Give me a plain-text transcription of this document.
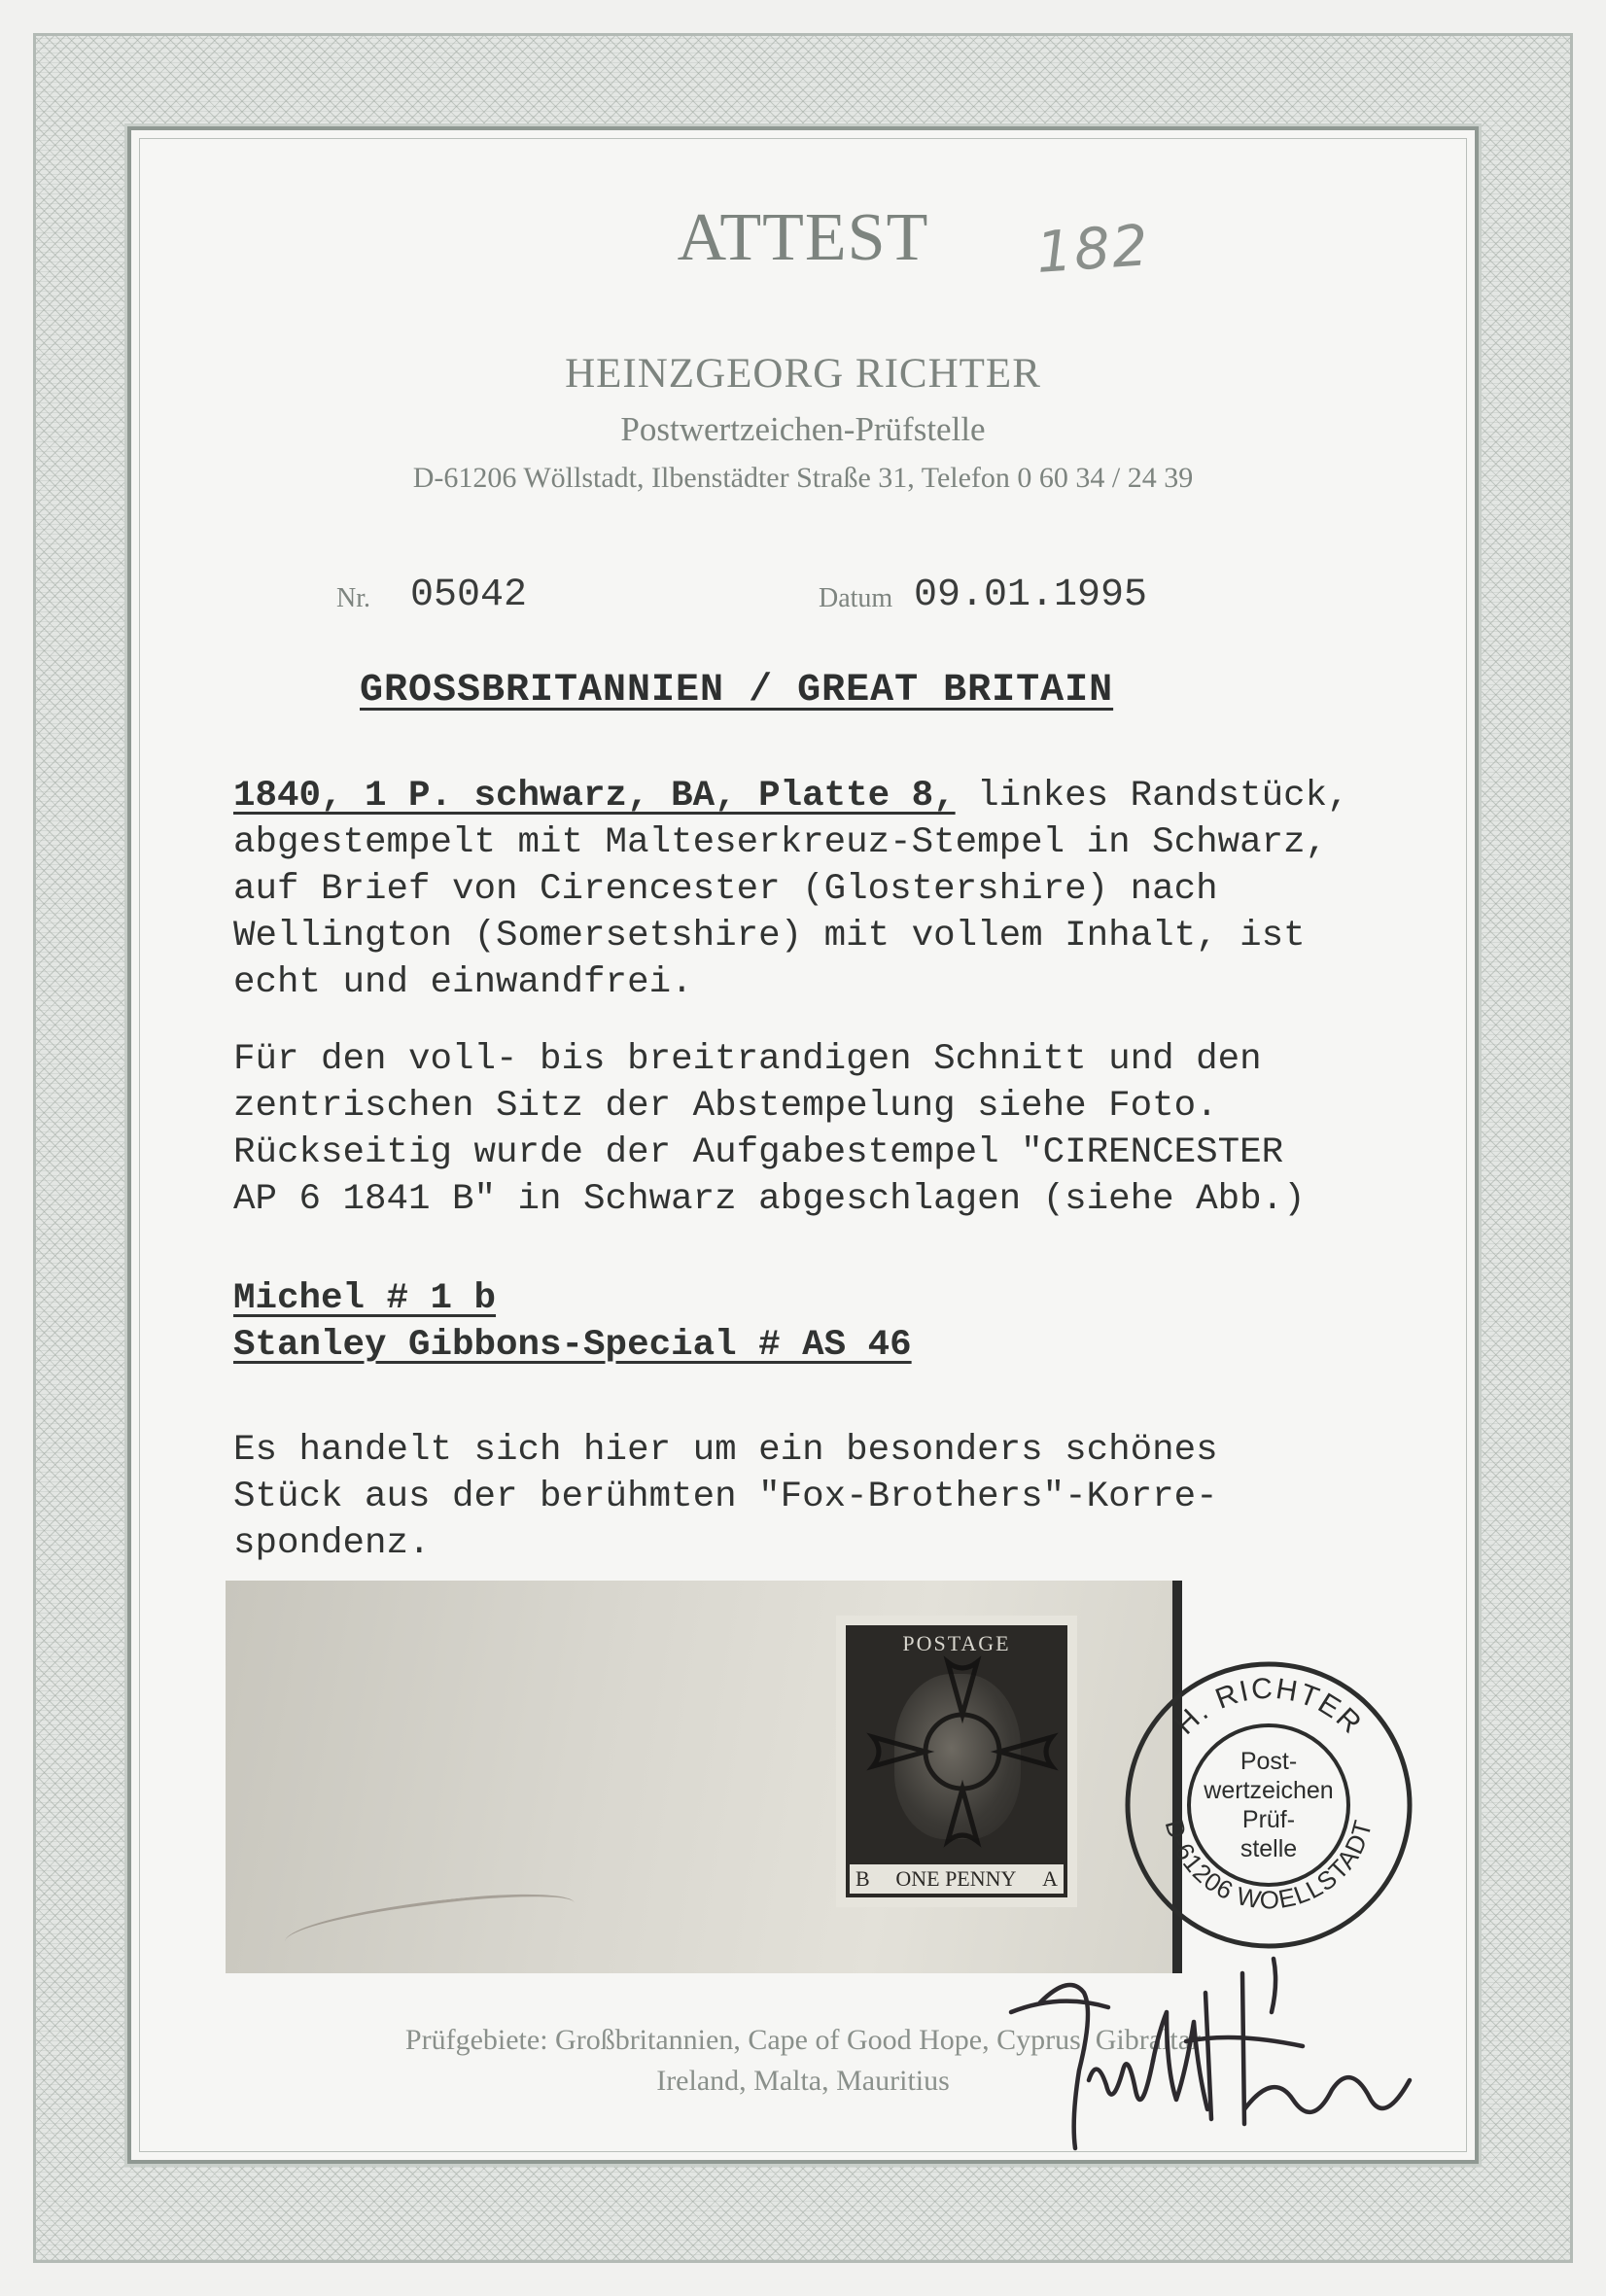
ATTEST	182
HEINZGEORG RICHTER
Postwertzeichen-Prüfstelle
D-61206 Wöllstadt, Ilbenstädter Straße 31, Telefon 0 60 34 / 24 39
Nr. 05042	Datum 09.01.1995
GROSSBRITANNIEN / GREAT BRITAIN
1840, 1 P. schwarz, BA, Platte 8, linkes Randstück,
abgestempelt mit Malteserkreuz-Stempel in Schwarz,
auf Brief von Cirencester (Glostershire) nach
Wellington (Somersetshire) mit vollem Inhalt, ist
echt und einwandfrei.
Für den voll- bis breitrandigen Schnitt und den
zentrischen Sitz der Abstempelung siehe Foto.
Rückseitig wurde der Aufgabestempel "CIRENCESTER
AP 6 1841 B" in Schwarz abgeschlagen (siehe Abb.)
Michel # 1 b
Stanley Gibbons-Special # AS 46
Es handelt sich hier um ein besonders schönes
Stück aus der berühmten "Fox-Brothers"-Korre-
spondenz.
POSTAGE
B ONE PENNY A
H. RICHTER
D-61206 WOELLSTADT
Post-
wertzeichen
Prüf-
stelle
Prüfgebiete: Großbritannien, Cape of Good Hope, Cyprus, Gibraltar
Ireland, Malta, Mauritius
